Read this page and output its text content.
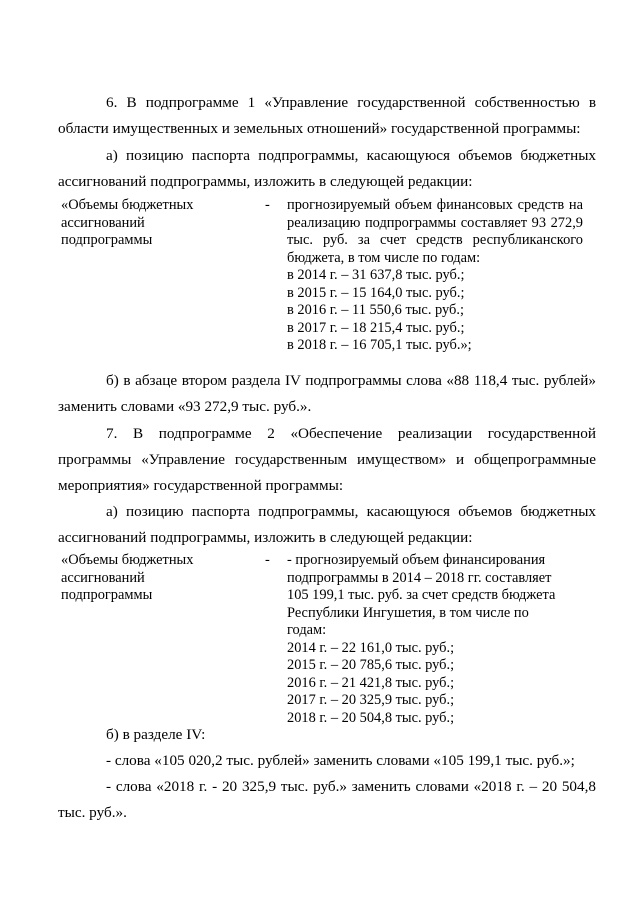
6. В подпрограмме 1 «Управление государственной собственностью в области имущественных и земельных отношений» государственной программы:

а) позицию паспорта подпрограммы, касающуюся объемов бюджетных ассигнований подпрограммы, изложить в следующей редакции:

«Объемы бюджетных
ассигнований
подпрограммы
- прогнозируемый объем финансовых средств на реализацию подпрограммы составляет 93 272,9 тыс. руб. за счет средств республиканского бюджета, в том числе по годам:
в 2014 г. – 31 637,8 тыс. руб.;
в 2015 г. – 15 164,0 тыс. руб.;
в 2016 г. – 11 550,6 тыс. руб.;
в 2017 г. – 18 215,4 тыс. руб.;
в 2018 г. – 16 705,1 тыс. руб.»;

б) в абзаце втором раздела IV подпрограммы слова «88 118,4 тыс. рублей» заменить словами «93 272,9 тыс. руб.».

7. В подпрограмме 2 «Обеспечение реализации государственной программы «Управление государственным имуществом» и общепрограммные мероприятия» государственной программы:

а) позицию паспорта подпрограммы, касающуюся объемов бюджетных ассигнований подпрограммы, изложить в следующей редакции:

«Объемы бюджетных
ассигнований
подпрограммы
- - прогнозируемый объем финансирования
подпрограммы в 2014 – 2018 гг. составляет
105 199,1 тыс. руб. за счет средств бюджета
Республики Ингушетия, в том числе по
годам:
2014 г. – 22 161,0 тыс. руб.;
2015 г. – 20 785,6 тыс. руб.;
2016 г. – 21 421,8 тыс. руб.;
2017 г. – 20 325,9 тыс. руб.;
2018 г. – 20 504,8 тыс. руб.;

б) в разделе IV:

- слова «105 020,2 тыс. рублей» заменить словами «105 199,1 тыс. руб.»;

- слова «2018 г. - 20 325,9 тыс. руб.» заменить словами «2018 г. – 20 504,8 тыс. руб.».
